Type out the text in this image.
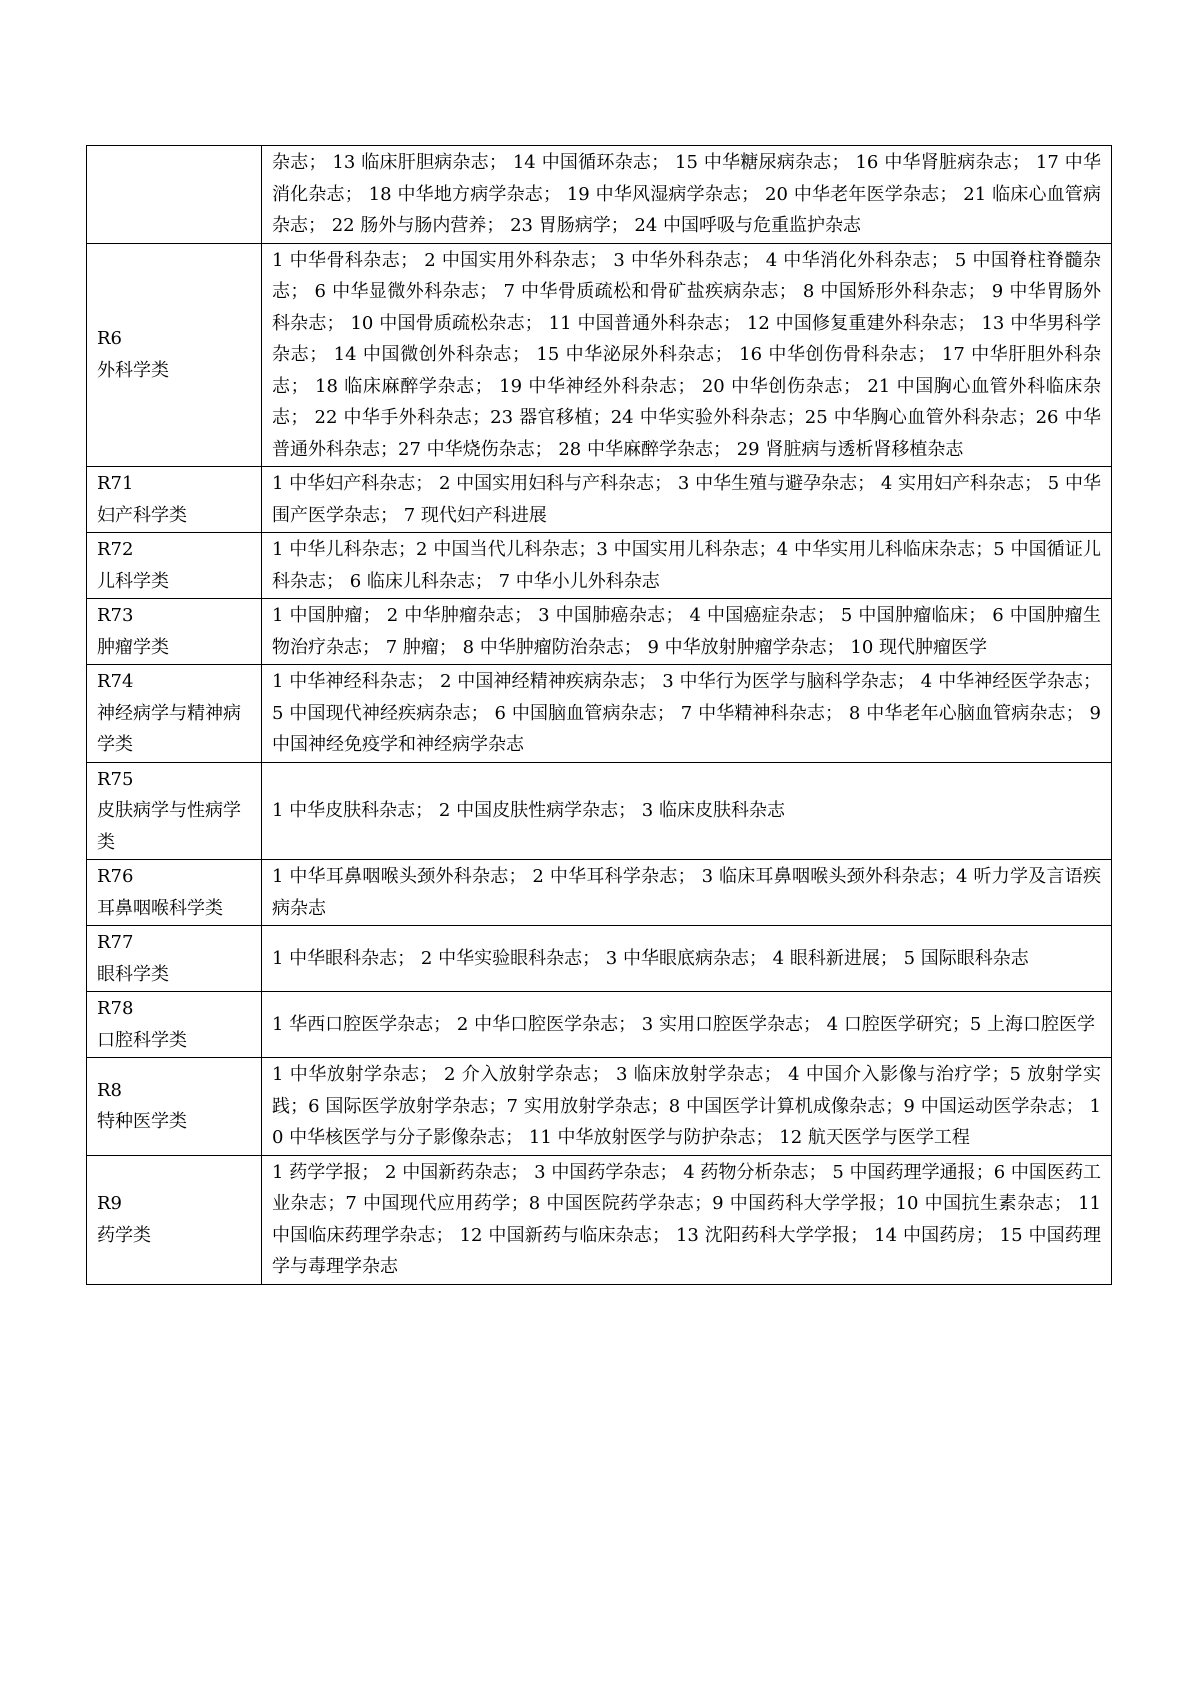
	杂志； 13 临床肝胆病杂志； 14 中国循环杂志； 15 中华糖尿病杂志； 16 中华肾脏病杂志； 17 中华消化杂志； 18 中华地方病学杂志； 19 中华风湿病学杂志； 20 中华老年医学杂志； 21 临床心血管病杂志； 22 肠外与肠内营养； 23 胃肠病学； 24 中国呼吸与危重监护杂志

R6
外科学类	1 中华骨科杂志； 2 中国实用外科杂志； 3 中华外科杂志； 4 中华消化外科杂志； 5 中国脊柱脊髓杂志； 6 中华显微外科杂志； 7 中华骨质疏松和骨矿盐疾病杂志； 8 中国矫形外科杂志； 9 中华胃肠外科杂志； 10 中国骨质疏松杂志； 11 中国普通外科杂志； 12 中国修复重建外科杂志； 13 中华男科学杂志； 14 中国微创外科杂志； 15 中华泌尿外科杂志； 16 中华创伤骨科杂志； 17 中华肝胆外科杂志； 18 临床麻醉学杂志； 19 中华神经外科杂志； 20 中华创伤杂志； 21 中国胸心血管外科临床杂志； 22 中华手外科杂志；23 器官移植；24 中华实验外科杂志；25 中华胸心血管外科杂志；26 中华普通外科杂志；27 中华烧伤杂志； 28 中华麻醉学杂志； 29 肾脏病与透析肾移植杂志

R71
妇产科学类	1 中华妇产科杂志； 2 中国实用妇科与产科杂志； 3 中华生殖与避孕杂志； 4 实用妇产科杂志； 5 中华围产医学杂志； 7 现代妇产科进展

R72
儿科学类	1 中华儿科杂志；2 中国当代儿科杂志；3 中国实用儿科杂志；4 中华实用儿科临床杂志；5 中国循证儿科杂志； 6 临床儿科杂志； 7 中华小儿外科杂志

R73
肿瘤学类	1 中国肿瘤； 2 中华肿瘤杂志； 3 中国肺癌杂志； 4 中国癌症杂志； 5 中国肿瘤临床； 6 中国肿瘤生物治疗杂志； 7 肿瘤； 8 中华肿瘤防治杂志； 9 中华放射肿瘤学杂志； 10 现代肿瘤医学

R74
神经病学与精神病学类	1 中华神经科杂志； 2 中国神经精神疾病杂志； 3 中华行为医学与脑科学杂志； 4 中华神经医学杂志； 5 中国现代神经疾病杂志； 6 中国脑血管病杂志； 7 中华精神科杂志； 8 中华老年心脑血管病杂志； 9 中国神经免疫学和神经病学杂志

R75
皮肤病学与性病学类	1 中华皮肤科杂志； 2 中国皮肤性病学杂志； 3 临床皮肤科杂志

R76
耳鼻咽喉科学类	1 中华耳鼻咽喉头颈外科杂志； 2 中华耳科学杂志； 3 临床耳鼻咽喉头颈外科杂志；4 听力学及言语疾病杂志

R77
眼科学类	1 中华眼科杂志； 2 中华实验眼科杂志； 3 中华眼底病杂志； 4 眼科新进展； 5 国际眼科杂志

R78
口腔科学类	1 华西口腔医学杂志； 2 中华口腔医学杂志； 3 实用口腔医学杂志； 4 口腔医学研究；5 上海口腔医学

R8
特种医学类	1 中华放射学杂志； 2 介入放射学杂志； 3 临床放射学杂志； 4 中国介入影像与治疗学；5 放射学实践；6 国际医学放射学杂志；7 实用放射学杂志；8 中国医学计算机成像杂志；9 中国运动医学杂志； 10 中华核医学与分子影像杂志； 11 中华放射医学与防护杂志； 12 航天医学与医学工程

R9
药学类	1 药学学报； 2 中国新药杂志； 3 中国药学杂志； 4 药物分析杂志； 5 中国药理学通报；6 中国医药工业杂志；7 中国现代应用药学；8 中国医院药学杂志；9 中国药科大学学报；10 中国抗生素杂志； 11 中国临床药理学杂志； 12 中国新药与临床杂志； 13 沈阳药科大学学报； 14 中国药房； 15 中国药理学与毒理学杂志
